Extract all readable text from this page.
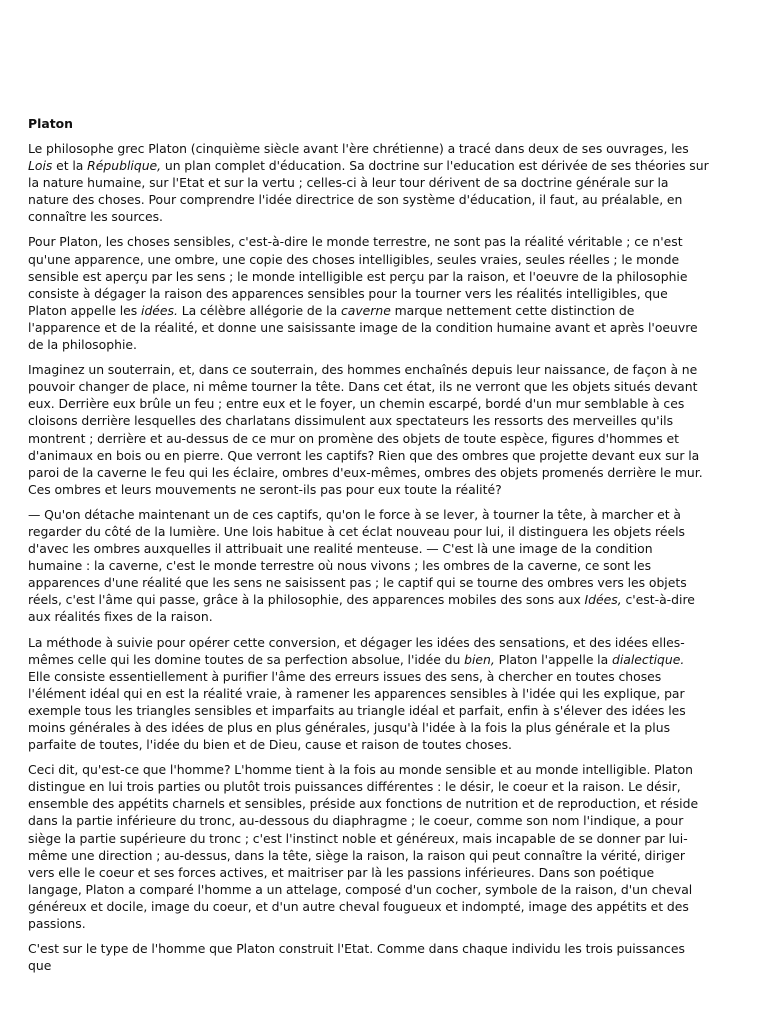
Platon

Le philosophe grec Platon (cinquième siècle avant l'ère chrétienne) a tracé dans deux de ses ouvrages, les Lois et la République, un plan complet d'éducation. Sa doctrine sur l'education est dérivée de ses théories sur la nature humaine, sur l'Etat et sur la vertu ; celles-ci à leur tour dérivent de sa doctrine générale sur la nature des choses. Pour comprendre l'idée directrice de son système d'éducation, il faut, au préalable, en connaître les sources.

Pour Platon, les choses sensibles, c'est-à-dire le monde terrestre, ne sont pas la réalité véritable ; ce n'est qu'une apparence, une ombre, une copie des choses intelligibles, seules vraies, seules réelles ; le monde sensible est aperçu par les sens ; le monde intelligible est perçu par la raison, et l'oeuvre de la philosophie consiste à dégager la raison des apparences sensibles pour la tourner vers les réalités intelligibles, que Platon appelle les idées. La célèbre allégorie de la caverne marque nettement cette distinction de l'apparence et de la réalité, et donne une saisissante image de la condition humaine avant et après l'oeuvre de la philosophie.

Imaginez un souterrain, et, dans ce souterrain, des hommes enchaînés depuis leur naissance, de façon à ne pouvoir changer de place, ni même tourner la tête. Dans cet état, ils ne verront que les objets situés devant eux. Derrière eux brûle un feu ; entre eux et le foyer, un chemin escarpé, bordé d'un mur semblable à ces cloisons derrière lesquelles des charlatans dissimulent aux spectateurs les ressorts des merveilles qu'ils montrent ; derrière et au-dessus de ce mur on promène des objets de toute espèce, figures d'hommes et d'animaux en bois ou en pierre. Que verront les captifs? Rien que des ombres que projette devant eux sur la paroi de la caverne le feu qui les éclaire, ombres d'eux-mêmes, ombres des objets promenés derrière le mur. Ces ombres et leurs mouvements ne seront-ils pas pour eux toute la réalité?

— Qu'on détache maintenant un de ces captifs, qu'on le force à se lever, à tourner la tête, à marcher et à regarder du côté de la lumière. Une lois habitue à cet éclat nouveau pour lui, il distinguera les objets réels d'avec les ombres auxquelles il attribuait une realité menteuse. — C'est là une image de la condition humaine : la caverne, c'est le monde terrestre où nous vivons ; les ombres de la caverne, ce sont les apparences d'une réalité que les sens ne saisissent pas ; le captif qui se tourne des ombres vers les objets réels, c'est l'âme qui passe, grâce à la philosophie, des apparences mobiles des sons aux Idées, c'est-à-dire aux réalités fixes de la raison.

La méthode à suivie pour opérer cette conversion, et dégager les idées des sensations, et des idées elles-mêmes celle qui les domine toutes de sa perfection absolue, l'idée du bien, Platon l'appelle la dialectique. Elle consiste essentiellement à purifier l'âme des erreurs issues des sens, à chercher en toutes choses l'élément idéal qui en est la réalité vraie, à ramener les apparences sensibles à l'idée qui les explique, par exemple tous les triangles sensibles et imparfaits au triangle idéal et parfait, enfin à s'élever des idées les moins générales à des idées de plus en plus générales, jusqu'à l'idée à la fois la plus générale et la plus parfaite de toutes, l'idée du bien et de Dieu, cause et raison de toutes choses.

Ceci dit, qu'est-ce que l'homme? L'homme tient à la fois au monde sensible et au monde intelligible. Platon distingue en lui trois parties ou plutôt trois puissances différentes : le désir, le coeur et la raison. Le désir, ensemble des appétits charnels et sensibles, préside aux fonctions de nutrition et de reproduction, et réside dans la partie inférieure du tronc, au-dessous du diaphragme ; le coeur, comme son nom l'indique, a pour siège la partie supérieure du tronc ; c'est l'instinct noble et généreux, mais incapable de se donner par lui-même une direction ; au-dessus, dans la tête, siège la raison, la raison qui peut connaître la vérité, diriger vers elle le coeur et ses forces actives, et maitriser par là les passions inférieures. Dans son poétique langage, Platon a comparé l'homme a un attelage, composé d'un cocher, symbole de la raison, d'un cheval généreux et docile, image du coeur, et d'un autre cheval fougueux et indompté, image des appétits et des passions.

C'est sur le type de l'homme que Platon construit l'Etat. Comme dans chaque individu les trois puissances que
